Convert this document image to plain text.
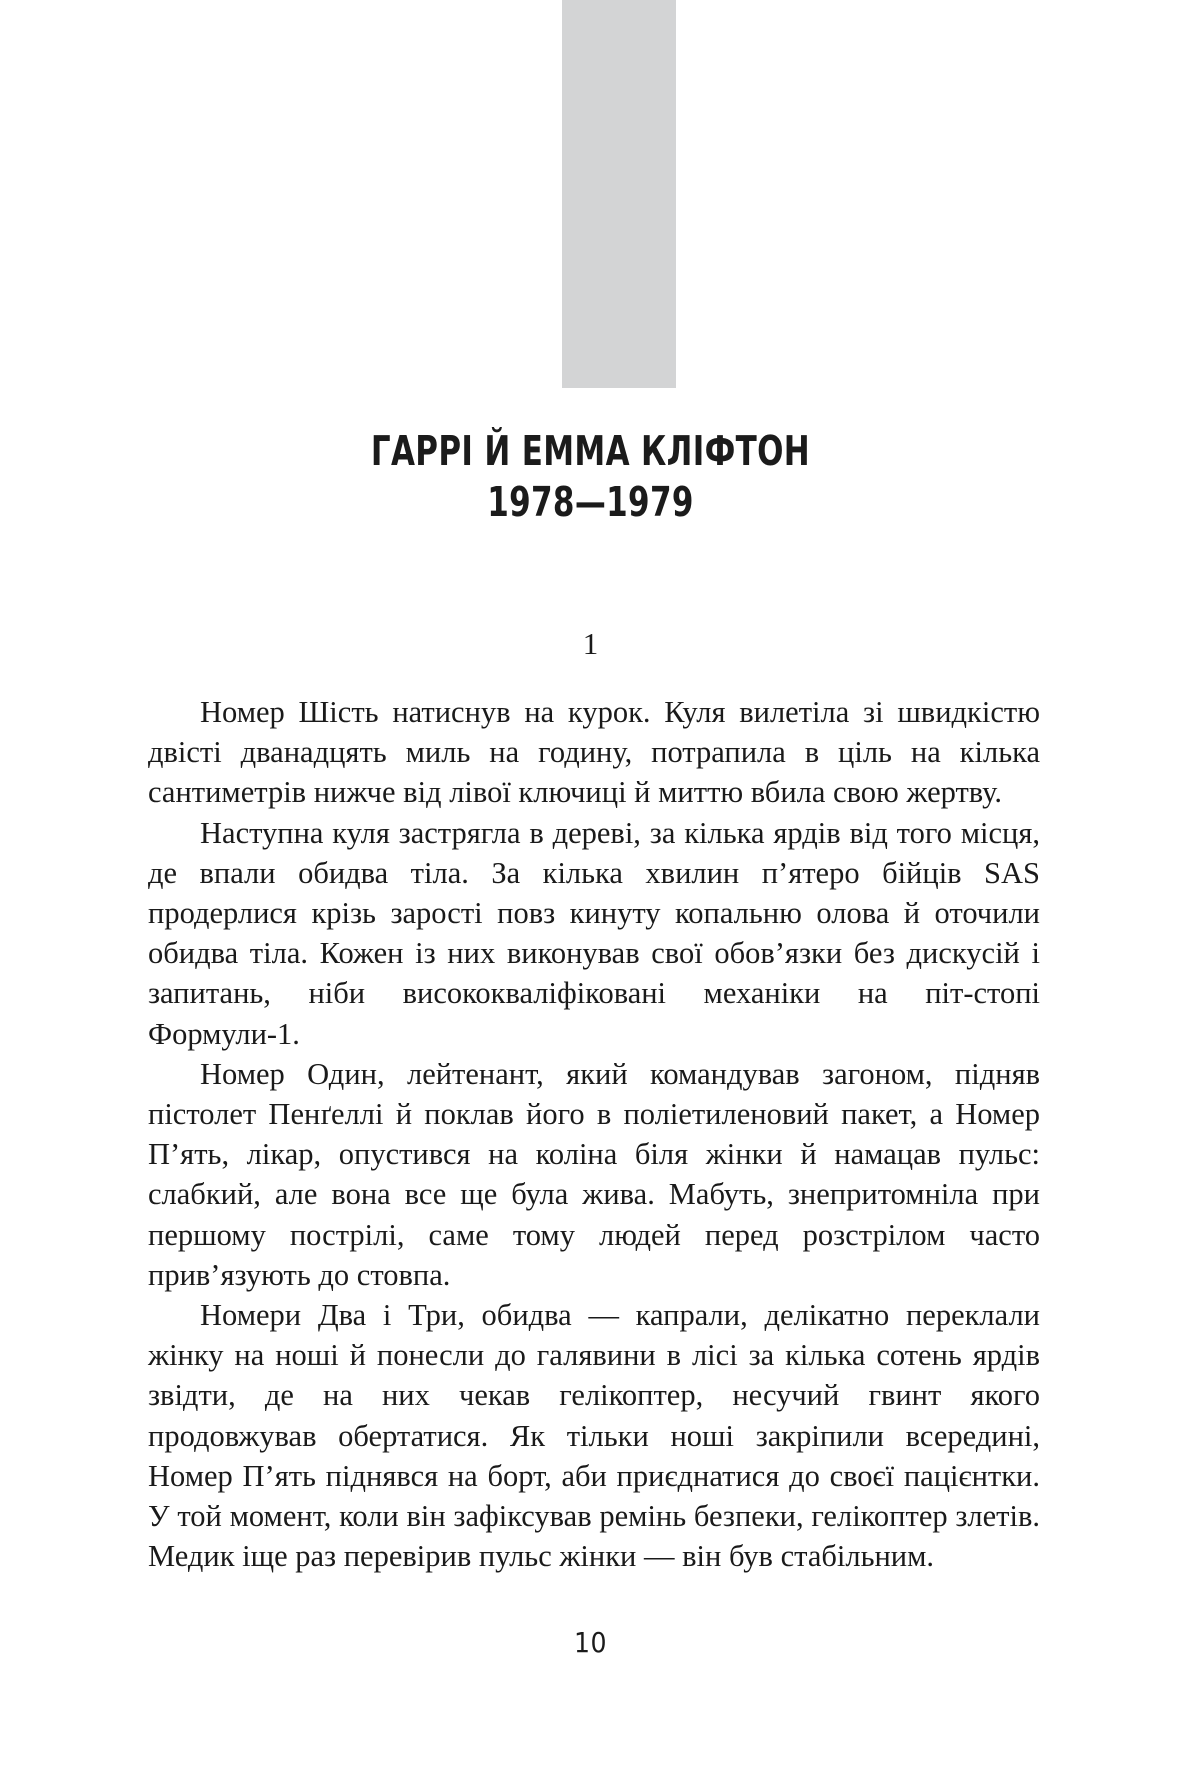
ГАРРІ Й ЕММА КЛІФТОН
1978—1979
1

Номер Шість натиснув на курок. Куля вилетіла зі швидкістю двісті дванадцять миль на годину, потрапила в ціль на кілька сантиметрів нижче від лівої ключиці й миттю вбила свою жертву.

Наступна куля застрягла в дереві, за кілька ярдів від того місця, де впали обидва тіла. За кілька хвилин п’ятеро бійців SAS продерлися крізь зарості повз кинуту копальню олова й оточили обидва тіла. Кожен із них виконував свої обов’язки без дискусій і запитань, ніби висококваліфіковані механіки на піт-стопі Формули-1.

Номер Один, лейтенант, який командував загоном, підняв пістолет Пенґеллі й поклав його в поліетиленовий пакет, а Номер П’ять, лікар, опустився на коліна біля жінки й намацав пульс: слабкий, але вона все ще була жива. Мабуть, знепритомніла при першому пострілі, саме тому людей перед розстрілом часто прив’язують до стовпа.

Номери Два і Три, обидва — капрали, делікатно переклали жінку на ноші й понесли до галявини в лісі за кілька сотень ярдів звідти, де на них чекав гелікоптер, несучий гвинт якого продовжував обертатися. Як тільки ноші закріпили всередині, Номер П’ять піднявся на борт, аби приєднатися до своєї пацієнтки. У той момент, коли він зафіксував ремінь безпеки, гелікоптер злетів. Медик іще раз перевірив пульс жінки — він був стабільним.

10
